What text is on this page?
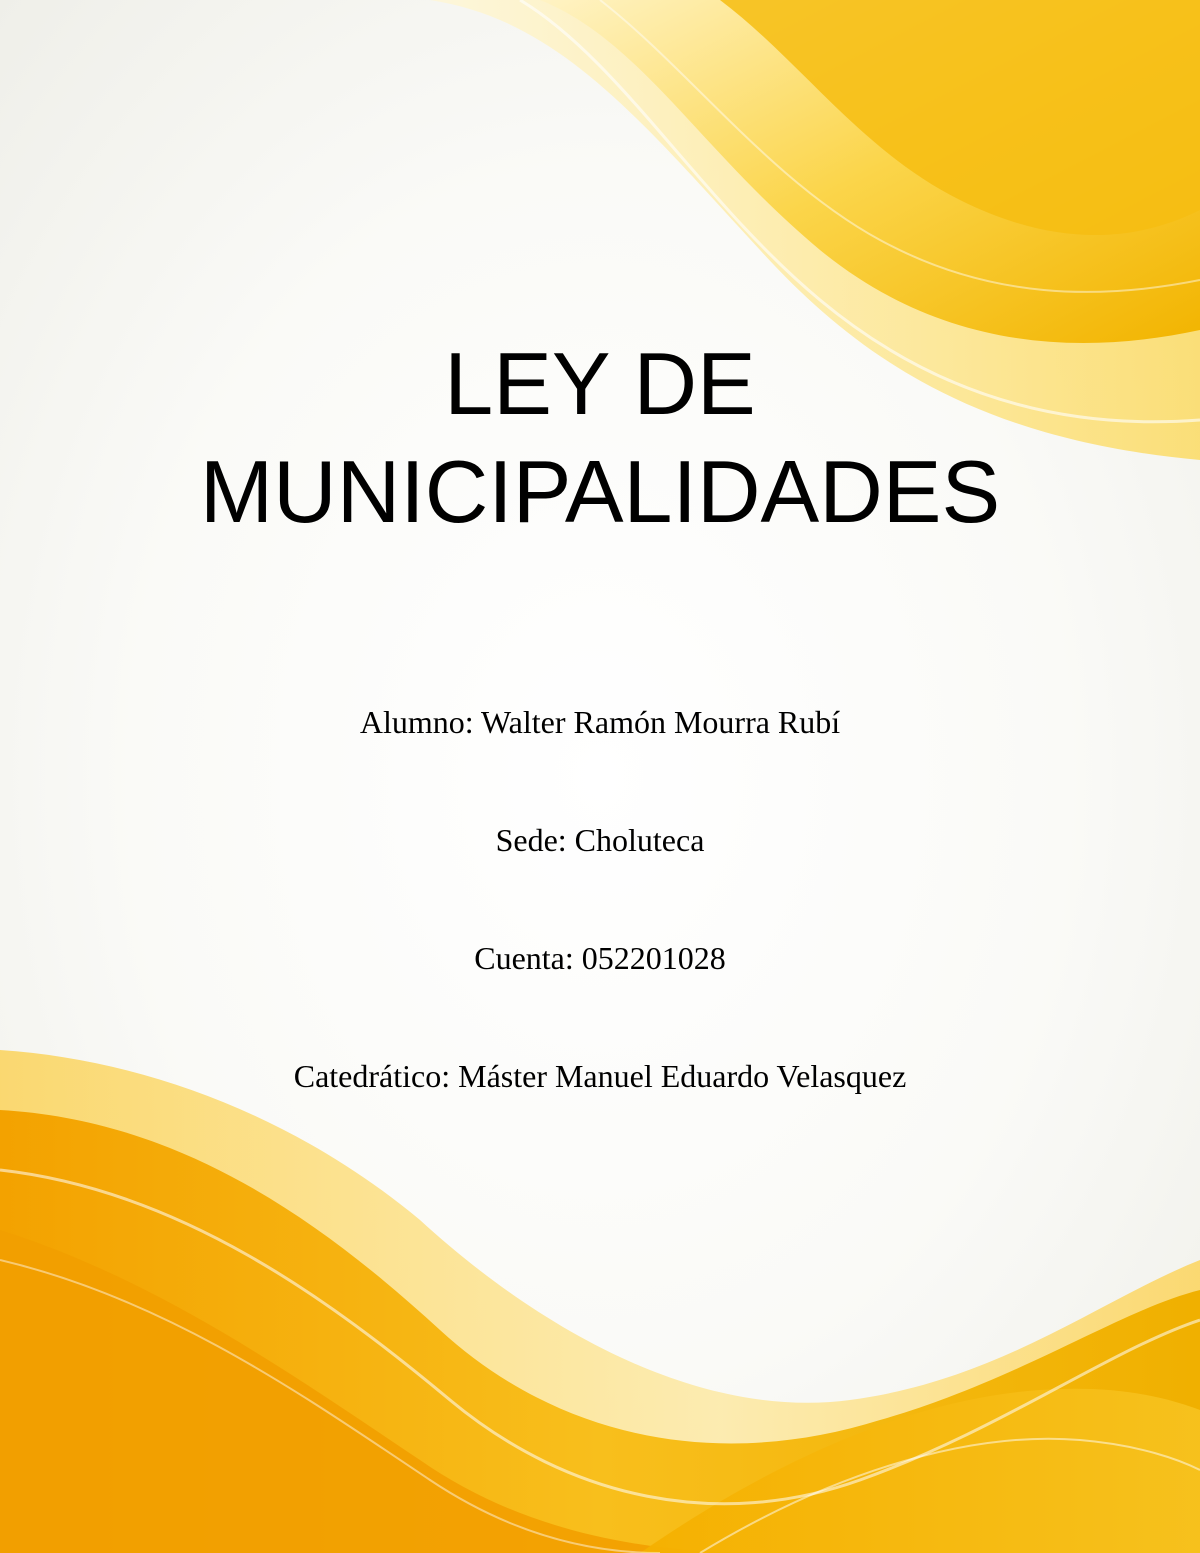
LEY DE
MUNICIPALIDADES
Alumno: Walter Ramón Mourra Rubí
Sede: Choluteca
Cuenta: 052201028
Catedrático: Máster Manuel Eduardo Velasquez
